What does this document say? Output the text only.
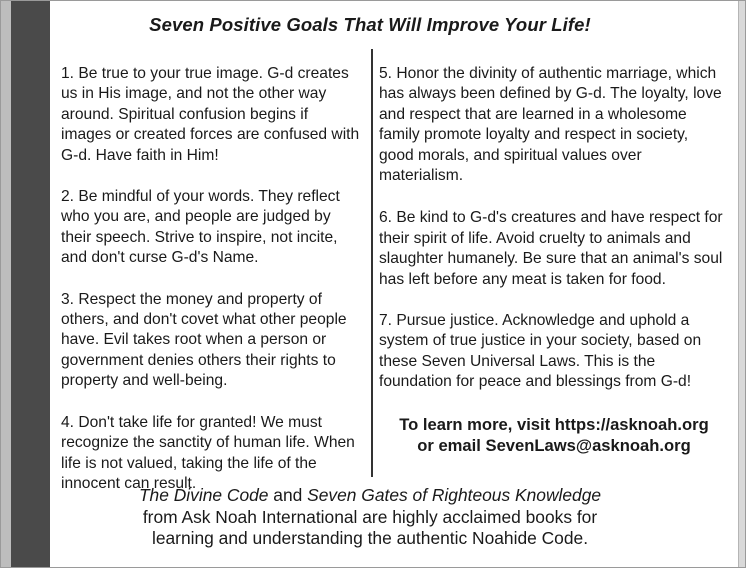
Seven Positive Goals That Will Improve Your Life!
1. Be true to your true image. G-d creates us in His image, and not the other way around. Spiritual confusion begins if images or created forces are confused with G-d. Have faith in Him!
2. Be mindful of your words. They reflect who you are, and people are judged by their speech. Strive to inspire, not incite, and don't curse G-d's Name.
3. Respect the money and property of others, and don't covet what other people have. Evil takes root when a person or government denies others their rights to property and well-being.
4. Don't take life for granted! We must recognize the sanctity of human life. When life is not valued, taking the life of the innocent can result.
5. Honor the divinity of authentic marriage, which has always been defined by G-d. The loyalty, love and respect that are learned in a wholesome family promote loyalty and respect in society, good morals, and spiritual values over materialism.
6. Be kind to G-d's creatures and have respect for their spirit of life. Avoid cruelty to animals and slaughter humanely. Be sure that an animal's soul has left before any meat is taken for food.
7. Pursue justice. Acknowledge and uphold a system of true justice in your society, based on these Seven Universal Laws. This is the foundation for peace and blessings from G-d!
To learn more, visit https://asknoah.org
or email SevenLaws@asknoah.org
The Divine Code and Seven Gates of Righteous Knowledge
from Ask Noah International are highly acclaimed books for
learning and understanding the authentic Noahide Code.
